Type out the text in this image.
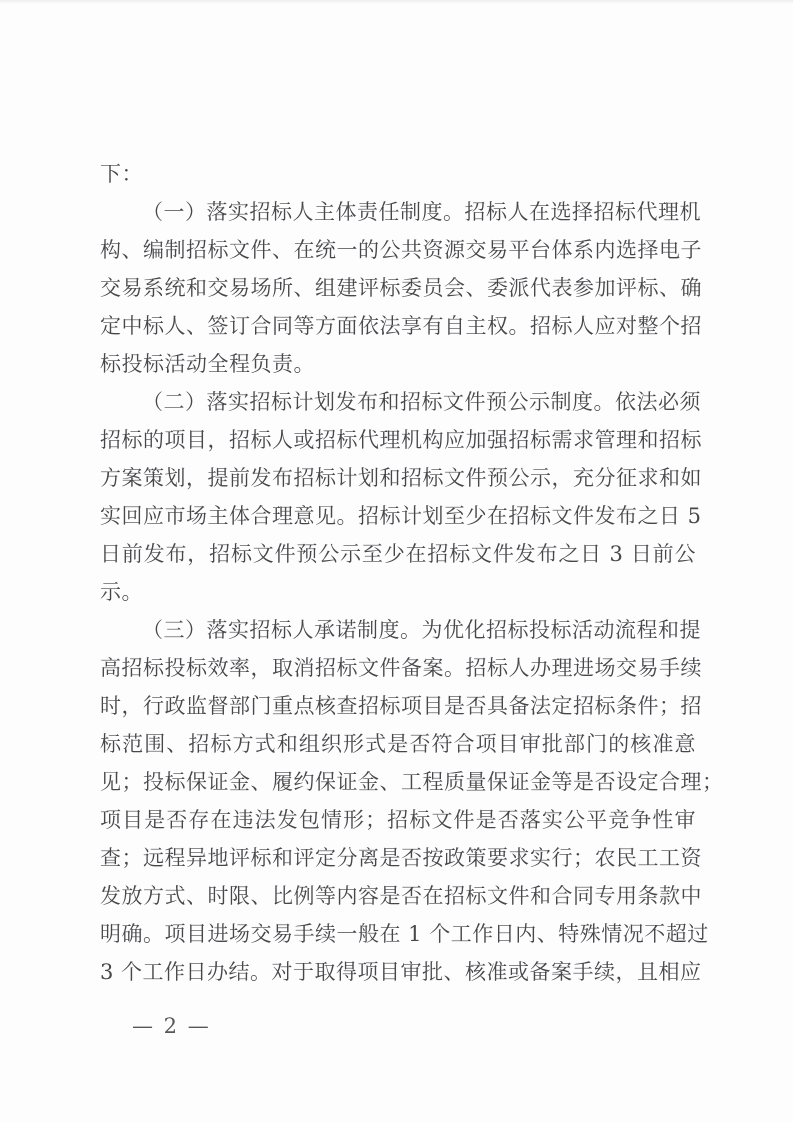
下：
（一）落实招标人主体责任制度。招标人在选择招标代理机
构、编制招标文件、在统一的公共资源交易平台体系内选择电子
交易系统和交易场所、组建评标委员会、委派代表参加评标、确
定中标人、签订合同等方面依法享有自主权。招标人应对整个招
标投标活动全程负责。
（二）落实招标计划发布和招标文件预公示制度。依法必须
招标的项目，招标人或招标代理机构应加强招标需求管理和招标
方案策划，提前发布招标计划和招标文件预公示，充分征求和如
实回应市场主体合理意见。招标计划至少在招标文件发布之日 5
日前发布，招标文件预公示至少在招标文件发布之日 3 日前公
示。
（三）落实招标人承诺制度。为优化招标投标活动流程和提
高招标投标效率，取消招标文件备案。招标人办理进场交易手续
时，行政监督部门重点核查招标项目是否具备法定招标条件；招
标范围、招标方式和组织形式是否符合项目审批部门的核准意
见；投标保证金、履约保证金、工程质量保证金等是否设定合理；
项目是否存在违法发包情形；招标文件是否落实公平竞争性审
查；远程异地评标和评定分离是否按政策要求实行；农民工工资
发放方式、时限、比例等内容是否在招标文件和合同专用条款中
明确。项目进场交易手续一般在 1 个工作日内、特殊情况不超过
3 个工作日办结。对于取得项目审批、核准或备案手续，且相应
— 2 —
